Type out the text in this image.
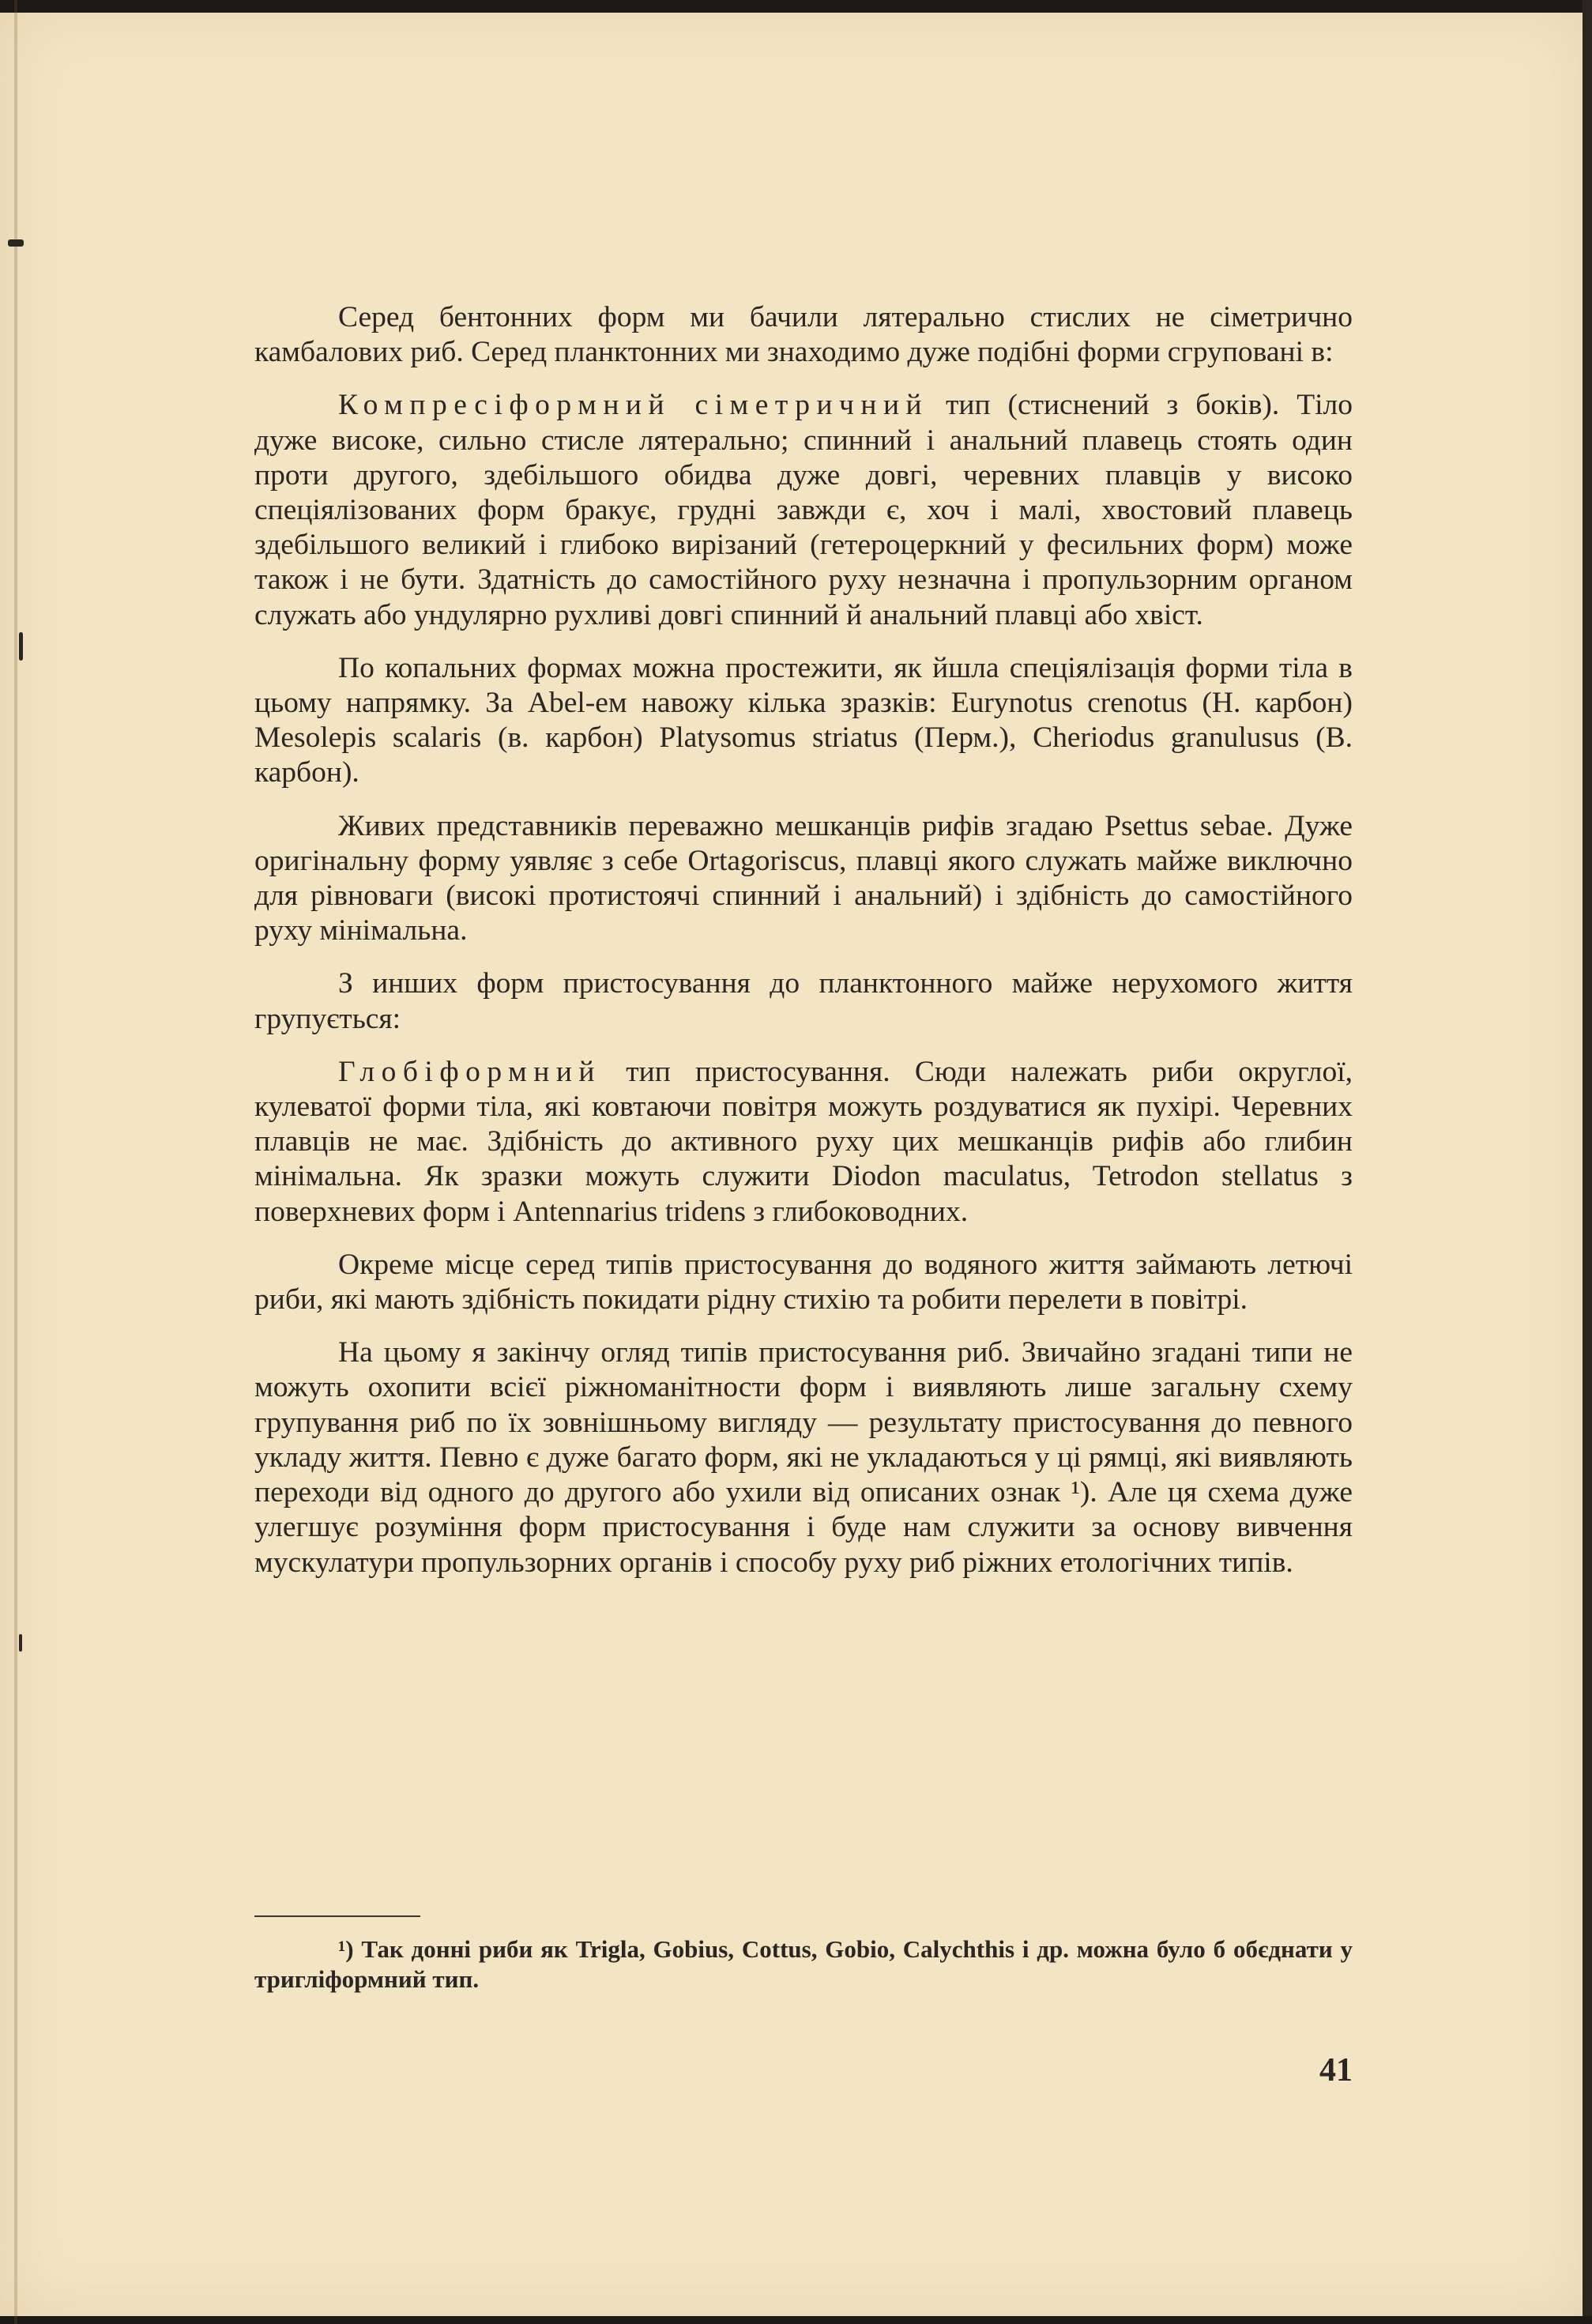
Серед бентонних форм ми бачили лятерально стислих не сіметрично камбалових риб. Серед планктонних ми знаходимо дуже подібні форми сгруповані в:

Компресіформний сіметричний тип (стиснений з боків). Тіло дуже високе, сильно стисле лятерально; спинний і анальний плавець стоять один проти другого, здебільшого обидва дуже довгі, черевних плавців у високо спеціялізованих форм бракує, грудні завжди є, хоч і малі, хвостовий плавець здебільшого великий і глибоко вирізаний (гетероцеркний у фесильних форм) може також і не бути. Здатність до самостійного руху незначна і пропульзорним органом служать або ундулярно рухливі довгі спинний й анальний плавці або хвіст.

По копальних формах можна простежити, як йшла спеціялізація форми тіла в цьому напрямку. За Abel-ем навожу кілька зразків: Eurynotus crenotus (Н. карбон) Mesolepis scalaris (в. карбон) Platysomus striatus (Перм.), Cheriodus granulusus (В. карбон).

Живих представників переважно мешканців рифів згадаю Psettus sebae. Дуже оригінальну форму уявляє з себе Ortagoriscus, плавці якого служать майже виключно для рівноваги (високі протистоячі спинний і анальний) і здібність до самостійного руху мінімальна.

З инших форм пристосування до планктонного майже нерухомого життя групується:

Глобіформний тип пристосування. Сюди належать риби округлої, кулеватої форми тіла, які ковтаючи повітря можуть роздуватися як пухірі. Черевних плавців не має. Здібність до активного руху цих мешканців рифів або глибин мінімальна. Як зразки можуть служити Diodon maculatus, Tetrodon stellatus з поверхневих форм і Antennarius tridens з глибоководних.

Окреме місце серед типів пристосування до водяного життя займають летючі риби, які мають здібність покидати рідну стихію та робити перелети в повітрі.

На цьому я закінчу огляд типів пристосування риб. Звичайно згадані типи не можуть охопити всієї ріжноманітности форм і виявляють лише загальну схему групування риб по їх зовнішньому вигляду — результату пристосування до певного укладу життя. Певно є дуже багато форм, які не укладаються у ці рямці, які виявляють переходи від одного до другого або ухили від описаних ознак ¹). Але ця схема дуже улегшує розуміння форм пристосування і буде нам служити за основу вивчення мускулатури пропульзорних органів і способу руху риб ріжних етологічних типів.

¹) Так донні риби як Trigla, Gobius, Cottus, Gobio, Calychthis і др. можна було б обєднати у тригліформний тип.
41
